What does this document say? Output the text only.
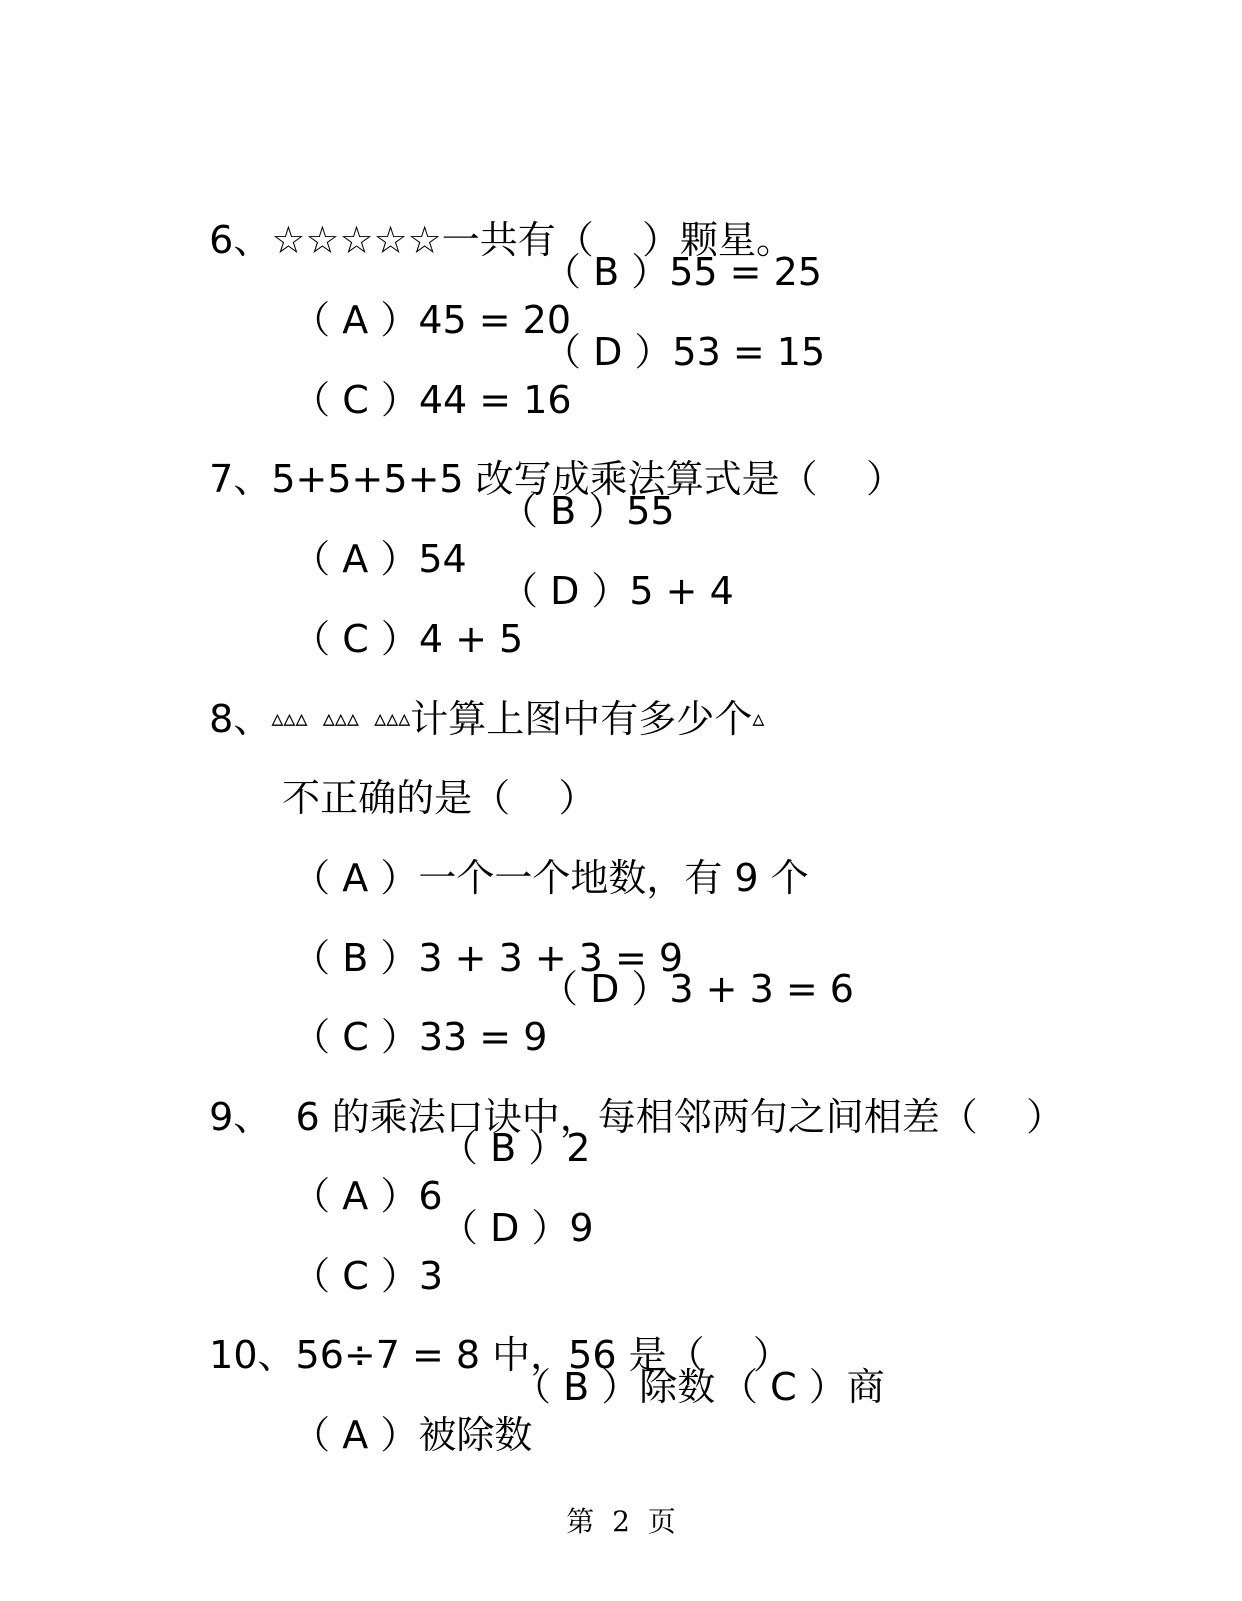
6、☆☆☆☆☆一共有（    ）颗星。

（ A ）45 = 20

（ B ）55 = 25

（ C ）44 = 16

（ D ）53 = 15

7、5+5+5+5 改写成乘法算式是（    ）

（ A ）54

（ B ）55

（ C ）4 + 5

（ D ）5 + 4

8、▵▵▵  ▵▵▵  ▵▵▵计算上图中有多少个▵

不正确的是（    ）

（ A ）一个一个地数，有 9 个

（ B ）3 + 3 + 3 = 9

（ C ）33 = 9

（ D ）3 + 3 = 6

9、  6 的乘法口诀中，每相邻两句之间相差（    ）

（ A ）6

（ B ）2

（ C ）3

（ D ）9

10、56÷7 = 8 中，56 是（    ）

（ A ）被除数

（ B ）除数

（ C ）商

第  2  页
